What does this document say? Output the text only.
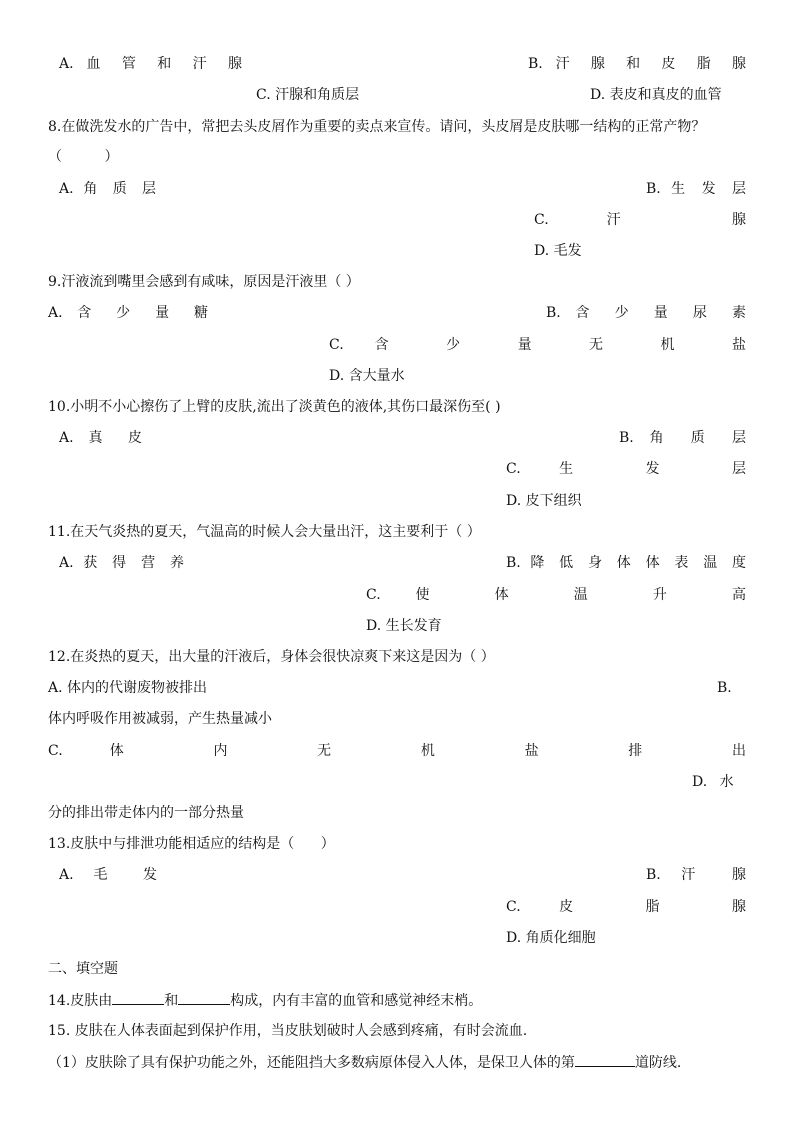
A. 血 管 和 汗 腺	B. 汗 腺 和 皮 脂 腺
C. 汗腺和角质层	D. 表皮和真皮的血管
8.在做洗发水的广告中，常把去头皮屑作为重要的卖点来宣传。请问，头皮屑是皮肤哪一结构的正常产物？
（ ）
A. 角 质 层	B. 生 发 层
C. 汗 腺
D. 毛发
9.汗液流到嘴里会感到有咸味，原因是汗液里（ ）
A. 含 少 量 糖	B. 含 少 量 尿 素
C. 含 少 量 无 机 盐
D. 含大量水
10.小明不小心擦伤了上臂的皮肤,流出了淡黄色的液体,其伤口最深伤至( )
A. 真 皮	B. 角 质 层
C. 生 发 层
D. 皮下组织
11.在天气炎热的夏天，气温高的时候人会大量出汗，这主要利于（ ）
A. 获 得 营 养	B. 降 低 身 体 体 表 温 度
C. 使 体 温 升 高
D. 生长发育
12.在炎热的夏天，出大量的汗液后，身体会很快凉爽下来这是因为（ ）
A. 体内的代谢废物被排出	B.
体内呼吸作用被减弱，产生热量减小
C. 体 内 无 机 盐 排 出
D. 水
分的排出带走体内的一部分热量
13.皮肤中与排泄功能相适应的结构是（ ）
A. 毛 发	B. 汗 腺
C. 皮 脂 腺
D. 角质化细胞
二、填空题
14.皮肤由	和	构成，内有丰富的血管和感觉神经末梢。
15. 皮肤在人体表面起到保护作用，当皮肤划破时人会感到疼痛，有时会流血.
（1）皮肤除了具有保护功能之外，还能阻挡大多数病原体侵入人体，是保卫人体的第	道防线.
